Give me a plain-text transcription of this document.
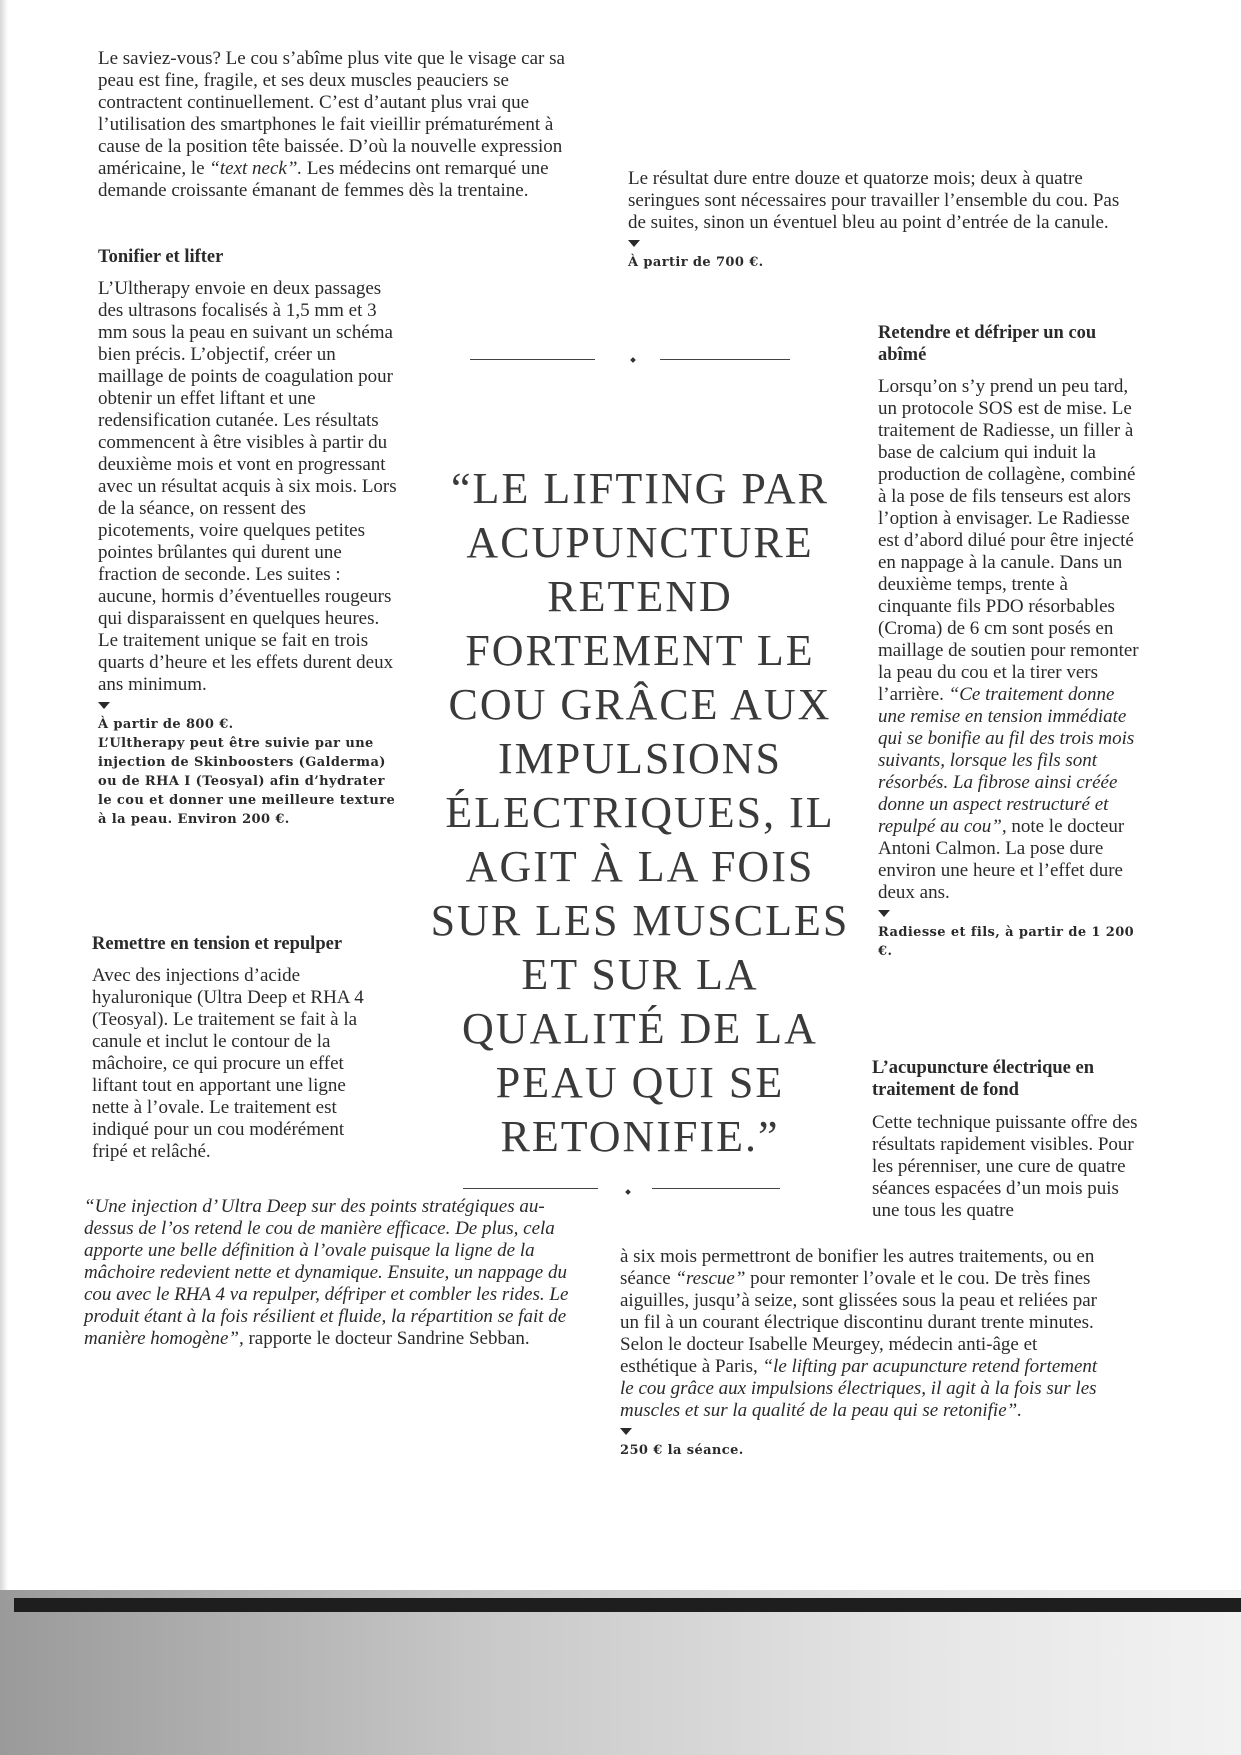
Le saviez-vous? Le cou s’abîme plus vite que le visage car sa peau est fine, fragile, et ses deux muscles peauciers se contractent continuellement. C’est d’autant plus vrai que l’utilisation des smartphones le fait vieillir prématurément à cause de la position tête baissée. D’où la nouvelle expression américaine, le “text neck”. Les médecins ont remarqué une demande croissante émanant de femmes dès la trentaine.

Tonifier et lifter

L’Ultherapy envoie en deux passages des ultrasons focalisés à 1,5 mm et 3 mm sous la peau en suivant un schéma bien précis. L’objectif, créer un maillage de points de coagulation pour obtenir un effet liftant et une redensification cutanée. Les résultats commencent à être visibles à partir du deuxième mois et vont en progressant avec un résultat acquis à six mois. Lors de la séance, on ressent des picotements, voire quelques petites pointes brûlantes qui durent une fraction de seconde. Les suites : aucune, hormis d’éventuelles rougeurs qui disparaissent en quelques heures. Le traitement unique se fait en trois quarts d’heure et les effets durent deux ans minimum.

À partir de 800 €.

L’Ultherapy peut être suivie par une injection de Skinboosters (Galderma) ou de RHA I (Teosyal) afin d’hydrater le cou et donner une meilleure texture à la peau. Environ 200 €.

Remettre en tension et repulper
Avec des injections d’acide hyaluronique (Ultra Deep et RHA 4 (Teosyal). Le traitement se fait à la canule et inclut le contour de la mâchoire, ce qui procure un effet liftant tout en apportant une ligne nette à l’ovale. Le traitement est indiqué pour un cou modérément fripé et relâché.

“Une injection d’ Ultra Deep sur des points stratégiques au-dessus de l’os retend le cou de manière efficace. De plus, cela apporte une belle définition à l’ovale puisque la ligne de la mâchoire redevient nette et dynamique. Ensuite, un nappage du cou avec le RHA 4 va repulper, défriper et combler les rides. Le produit étant à la fois résilient et fluide, la répartition se fait de manière homogène”, rapporte le docteur Sandrine Sebban.

Le résultat dure entre douze et quatorze mois; deux à quatre seringues sont nécessaires pour travailler l’ensemble du cou. Pas de suites, sinon un éventuel bleu au point d’entrée de la canule.

À partir de 700 €.

“LE LIFTING PAR ACUPUNCTURE RETEND FORTEMENT LE COU GRÂCE AUX IMPULSIONS ÉLECTRIQUES, IL AGIT À LA FOIS SUR LES MUSCLES ET SUR LA QUALITÉ DE LA PEAU QUI SE RETONIFIE.”
Retendre et défriper un cou abîmé

Lorsqu’on s’y prend un peu tard, un protocole SOS est de mise. Le traitement de Radiesse, un filler à base de calcium qui induit la production de collagène, combiné à la pose de fils tenseurs est alors l’option à envisager. Le Radiesse est d’abord dilué pour être injecté en nappage à la canule. Dans un deuxième temps, trente à cinquante fils PDO résorbables (Croma) de 6 cm sont posés en maillage de soutien pour remonter la peau du cou et la tirer vers l’arrière. “Ce traitement donne une remise en tension immédiate qui se bonifie au fil des trois mois suivants, lorsque les fils sont résorbés. La fibrose ainsi créée donne un aspect restructuré et repulpé au cou”, note le docteur Antoni Calmon. La pose dure environ une heure et l’effet dure deux ans.

Radiesse et fils, à partir de 1 200 €.

L’acupuncture électrique en traitement de fond
Cette technique puissante offre des résultats rapidement visibles. Pour les pérenniser, une cure de quatre séances espacées d’un mois puis une tous les quatre

à six mois permettront de bonifier les autres traitements, ou en séance “rescue” pour remonter l’ovale et le cou. De très fines aiguilles, jusqu’à seize, sont glissées sous la peau et reliées par un fil à un courant électrique discontinu durant trente minutes. Selon le docteur Isabelle Meurgey, médecin anti-âge et esthétique à Paris, “le lifting par acupuncture retend fortement le cou grâce aux impulsions électriques, il agit à la fois sur les muscles et sur la qualité de la peau qui se retonifie”.

250 € la séance.
